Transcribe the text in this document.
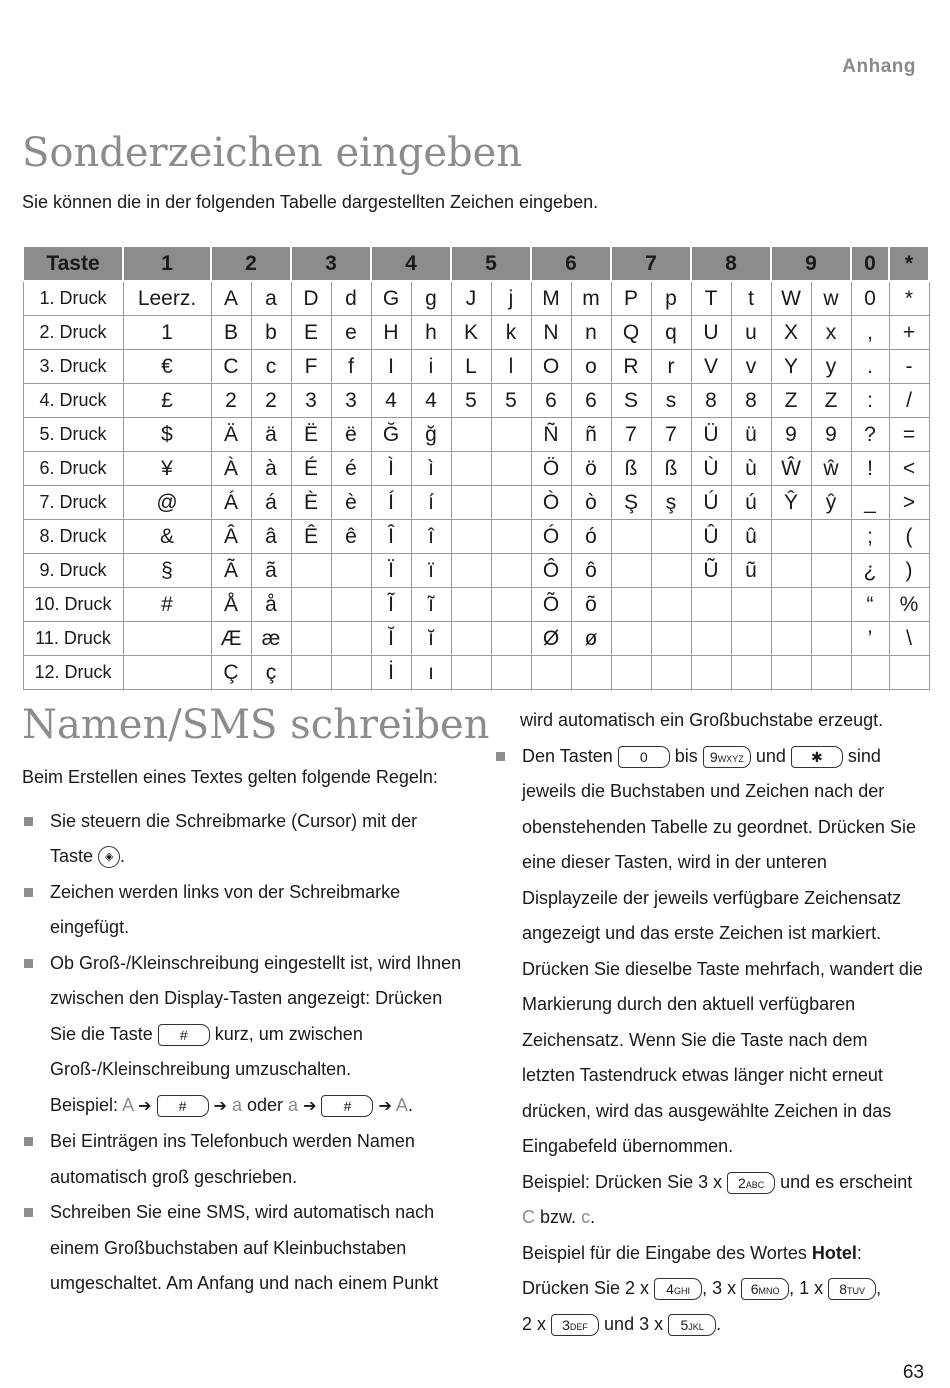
Anhang
Sonderzeichen eingeben
Sie können die in der folgenden Tabelle dargestellten Zeichen eingeben.
Taste	1	2		3		4		5		6		7		8		9		0	*
1. Druck	Leerz.	A	a	D	d	G	g	J	j	M	m	P	p	T	t	W	w	0	*
2. Druck	1	B	b	E	e	H	h	K	k	N	n	Q	q	U	u	X	x	,	+
3. Druck	€	C	c	F	f	I	i	L	l	O	o	R	r	V	v	Y	y	.	-
4. Druck	£	2	2	3	3	4	4	5	5	6	6	S	s	8	8	Z	Z	:	/
5. Druck	$	Ä	ä	Ë	ë	Ğ	ğ			Ñ	ñ	7	7	Ü	ü	9	9	?	=
6. Druck	¥	À	à	É	é	Ì	ì			Ö	ö	ß	ß	Ù	ù	Ŵ	ŵ	!	<
7. Druck	@	Á	á	È	è	Í	í			Ò	ò	Ş	ş	Ú	ú	Ŷ	ŷ	_	>
8. Druck	&	Â	â	Ê	ê	Î	î			Ó	ó			Û	û			;	(
9. Druck	§	Ã	ã			Ï	ï			Ô	ô			Ũ	ũ			¿	)
10. Druck	#	Å	å			Ĩ	ĩ			Õ	õ							“	%
11. Druck		Æ	æ			Ĭ	ĭ			Ø	ø							’	\
12. Druck		Ç	ç			İ	ı												
Namen/SMS schreiben

Beim Erstellen eines Textes gelten folgende Regeln:

Sie steuern die Schreibmarke (Cursor) mit der Taste ◈ .
Zeichen werden links von der Schreibmarke eingefügt.
Ob Groß-/Kleinschreibung eingestellt ist, wird Ihnen zwischen den Display-Tasten angezeigt: Drücken Sie die Taste # kurz, um zwischen Groß-/Kleinschreibung umzuschalten.
Beispiel: A ➔ # ➔ a oder a ➔ # ➔ A.
Bei Einträgen ins Telefonbuch werden Namen automatisch groß geschrieben.
Schreiben Sie eine SMS, wird automatisch nach einem Großbuchstaben auf Kleinbuchstaben umgeschaltet. Am Anfang und nach einem Punkt

wird automatisch ein Großbuchstabe erzeugt.

Den Tasten 0 bis 9WXYZ und ✱ sind jeweils die Buchstaben und Zeichen nach der obenstehenden Tabelle zu geordnet. Drücken Sie eine dieser Tasten, wird in der unteren Displayzeile der jeweils verfügbare Zeichensatz angezeigt und das erste Zeichen ist markiert. Drücken Sie dieselbe Taste mehrfach, wandert die Markierung durch den aktuell verfügbaren Zeichensatz. Wenn Sie die Taste nach dem letzten Tastendruck etwas länger nicht erneut drücken, wird das ausgewählte Zeichen in das Eingabefeld übernommen.
Beispiel: Drücken Sie 3 x 2ABC und es erscheint C bzw. c.
Beispiel für die Eingabe des Wortes Hotel:
Drücken Sie 2 x 4GHI , 3 x 6MNO , 1 x 8TUV ,
2 x 3DEF und 3 x 5JKL .
63
